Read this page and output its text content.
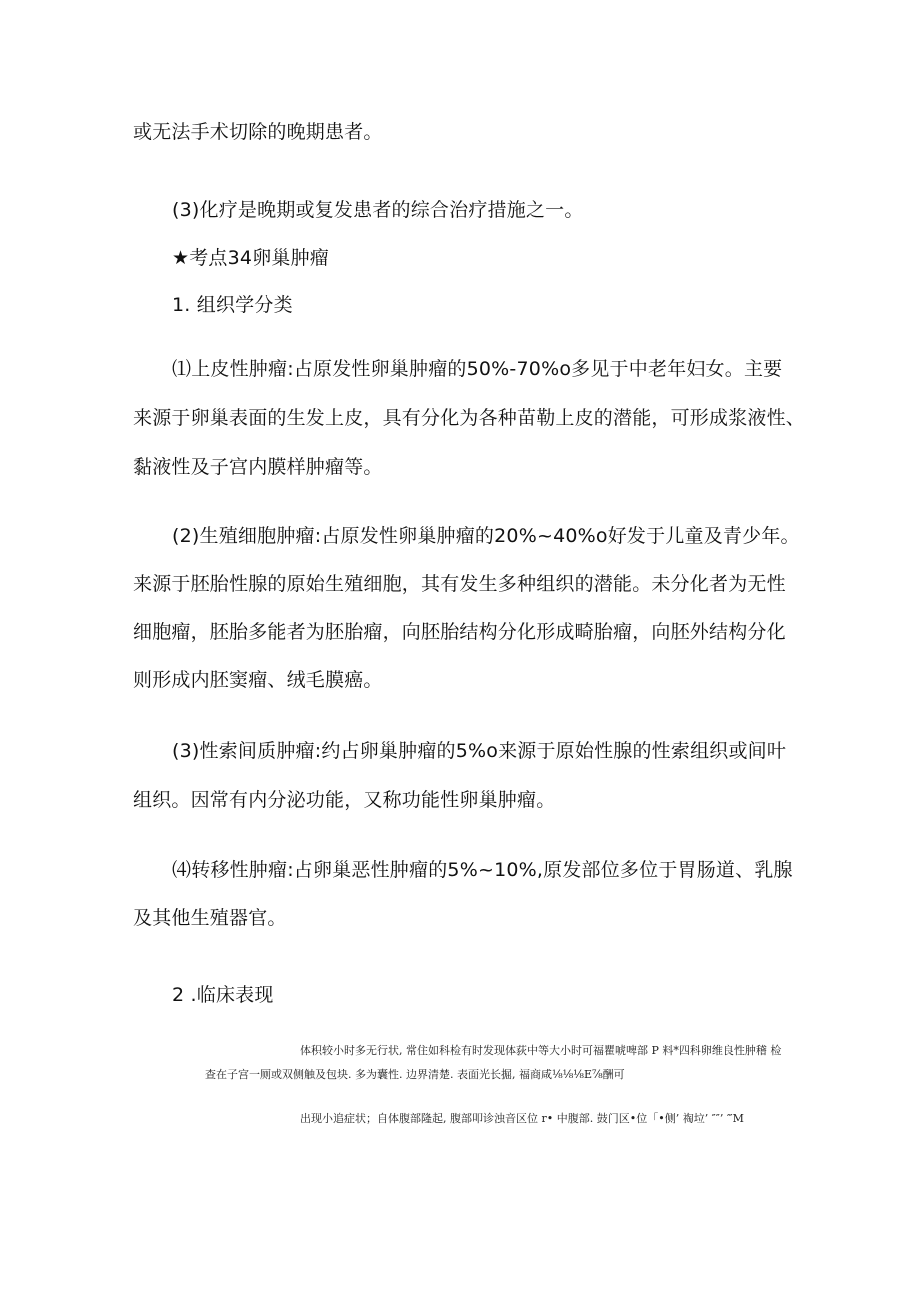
或无法手术切除的晚期患者。
(3)化疗是晚期或复发患者的综合治疗措施之一。
★考点34卵巢肿瘤
1. 组织学分类
⑴上皮性肿瘤:占原发性卵巢肿瘤的50%-70%o多见于中老年妇女。主要
来源于卵巢表面的生发上皮，具有分化为各种苗勒上皮的潜能，可形成浆液性、
黏液性及子宫内膜样肿瘤等。
(2)生殖细胞肿瘤:占原发性卵巢肿瘤的20%~40%o好发于儿童及青少年。
来源于胚胎性腺的原始生殖细胞，其有发生多种组织的潜能。未分化者为无性
细胞瘤，胚胎多能者为胚胎瘤，向胚胎结构分化形成畸胎瘤，向胚外结构分化
则形成内胚窦瘤、绒毛膜癌。
(3)性索间质肿瘤:约占卵巢肿瘤的5%o来源于原始性腺的性索组织或间叶
组织。因常有内分泌功能，又称功能性卵巢肿瘤。
⑷转移性肿瘤:占卵巢恶性肿瘤的5%~10%,原发部位多位于胃肠道、乳腺
及其他生殖器官。
2 .临床表现
体积较小时多无行状, 常住如科检有时发现体荻中等大小时可福瞿唬啤部 P 料*四科卵维良性肿稽 检
查在子宫一厕或双侧触及包块. 多为囊性. 边界清楚. 表面光长掘, 福商咸⅛⅛⅛E⅞酬可
出现小追症状；自体腹部隆起, 腹部叩诊浊音区位 r• 中腹部. 鼓门区•位「•侧’ 祹垃’ ″″’ ‴M
